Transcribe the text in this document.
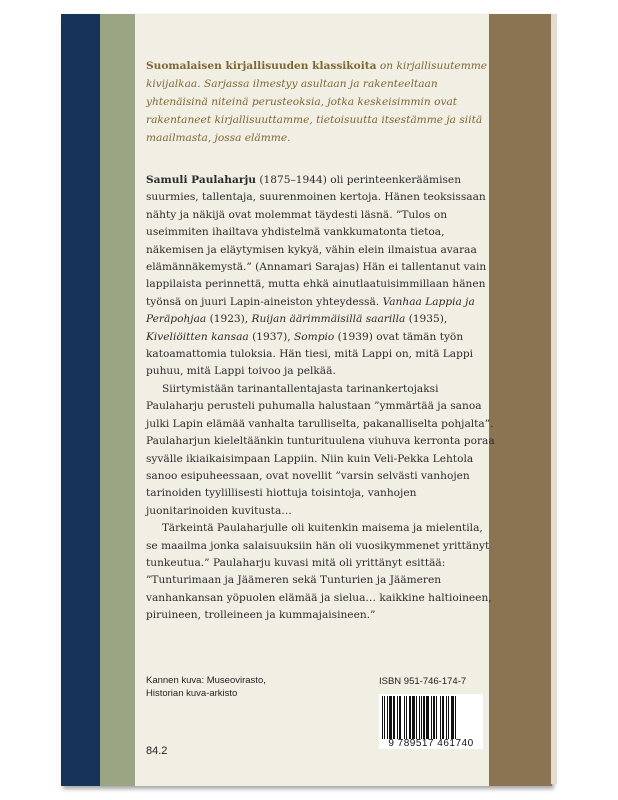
Suomalaisen kirjallisuuden klassikoita on kirjallisuutemme kivijalkaa. Sarjassa ilmestyy asultaan ja rakenteeltaan yhtenäisinä niteinä perusteoksia, jotka keskeisimmin ovat rakentaneet kirjallisuuttamme, tietoisuutta itsestämme ja siitä maailmasta, jossa elämme.

Samuli Paulaharju (1875–1944) oli perinteenkeräämisen suurmies, tallentaja, suurenmoinen kertoja. Hänen teoksissaan nähty ja näkijä ovat molemmat täydesti läsnä. ”Tulos on useimmiten ihailtava yhdistelmä vankkumatonta tietoa, näkemisen ja eläytymisen kykyä, vähin elein ilmaistua avaraa elämännäkemystä.” (Annamari Sarajas) Hän ei tallentanut vain lappilaista perinnettä, mutta ehkä ainutlaatuisimmillaan hänen työnsä on juuri Lapin-aineiston yhteydessä. Vanhaa Lappia ja Peräpohjaa (1923), Ruijan äärimmäisillä saarilla (1935), Kiveliöitten kansaa (1937), Sompio (1939) ovat tämän työn katoamattomia tuloksia. Hän tiesi, mitä Lappi on, mitä Lappi puhuu, mitä Lappi toivoo ja pelkää.

Siirtymistään tarinantallentajasta tarinankertojaksi Paulaharju perusteli puhumalla halustaan ”ymmärtää ja sanoa julki Lapin elämää vanhalta tarulliselta, pakanalliselta pohjalta”. Paulaharjun kieleltäänkin tunturituulena viuhuva kerronta poraa syvälle ikiaikaisimpaan Lappiin. Niin kuin Veli-Pekka Lehtola sanoo esipuheessaan, ovat novellit ”varsin selvästi vanhojen tarinoiden tyylillisesti hiottuja toisintoja, vanhojen juonitarinoiden kuvitusta…

Tärkeintä Paulaharjulle oli kuitenkin maisema ja mielentila, se maailma jonka salaisuuksiin hän oli vuosikymmenet yrittänyt tunkeutua.” Paulaharju kuvasi mitä oli yrittänyt esittää: ”Tunturimaan ja Jäämeren sekä Tunturien ja Jäämeren vanhankansan yöpuolen elämää ja sielua… kaikkine haltioineen, piruineen, trolleineen ja kummajaisineen.”

Kannen kuva: Museovirasto,
Historian kuva-arkisto
ISBN 951-746-174-7
84.2
9 789517 461740
